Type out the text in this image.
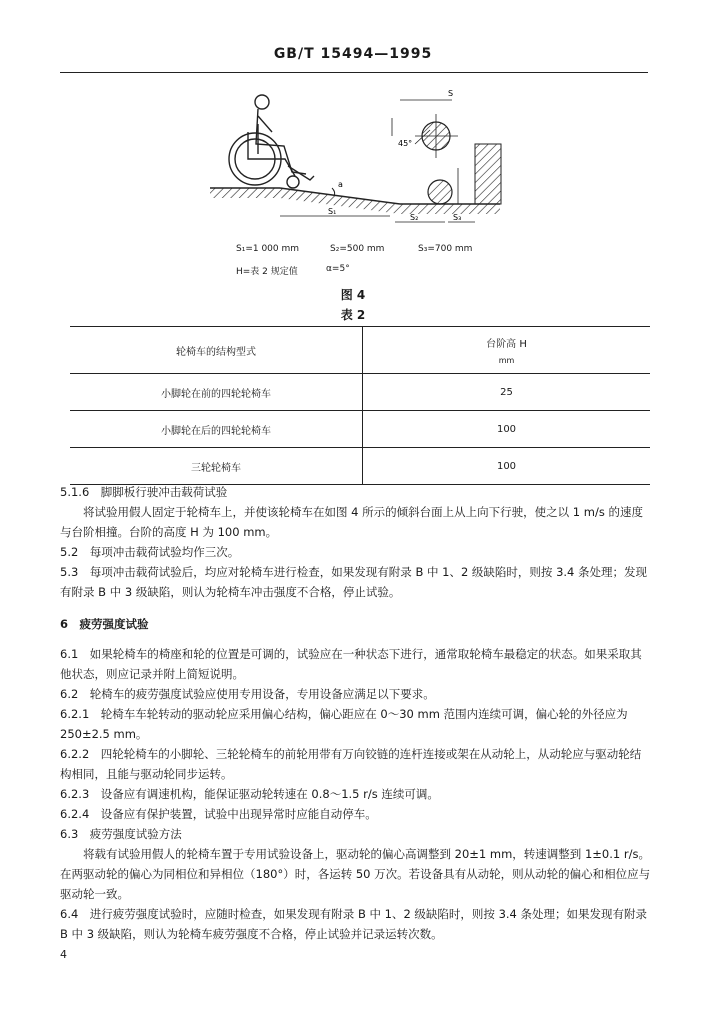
GB/T 15494—1995
a
S₁
S₂	S₃
S
45°
S₁=1 000 mm	S₂=500 mm	S₃=700 mm
H=表 2 规定值	α=5°
图 4
表 2
轮椅车的结构型式	台阶高 H
mm

小脚轮在前的四轮轮椅车	25
小脚轮在后的四轮轮椅车	100
三轮轮椅车	100

5.1.6　脚脚板行驶冲击载荷试验

将试验用假人固定于轮椅车上，并使该轮椅车在如图 4 所示的倾斜台面上从上向下行驶，使之以 1 m/s 的速度与台阶相撞。台阶的高度 H 为 100 mm。

5.2　每项冲击载荷试验均作三次。

5.3　每项冲击载荷试验后，均应对轮椅车进行检查，如果发现有附录 B 中 1、2 级缺陷时，则按 3.4 条处理；发现有附录 B 中 3 级缺陷，则认为轮椅车冲击强度不合格，停止试验。

6　疲劳强度试验

6.1　如果轮椅车的椅座和轮的位置是可调的，试验应在一种状态下进行，通常取轮椅车最稳定的状态。如果采取其他状态，则应记录并附上简短说明。

6.2　轮椅车的疲劳强度试验应使用专用设备，专用设备应满足以下要求。

6.2.1　轮椅车车轮转动的驱动轮应采用偏心结构，偏心距应在 0～30 mm 范围内连续可调，偏心轮的外径应为 250±2.5 mm。

6.2.2　四轮轮椅车的小脚轮、三轮轮椅车的前轮用带有万向铰链的连杆连接或架在从动轮上，从动轮应与驱动轮结构相同，且能与驱动轮同步运转。

6.2.3　设备应有调速机构，能保证驱动轮转速在 0.8～1.5 r/s 连续可调。

6.2.4　设备应有保护装置，试验中出现异常时应能自动停车。

6.3　疲劳强度试验方法

将载有试验用假人的轮椅车置于专用试验设备上，驱动轮的偏心高调整到 20±1 mm，转速调整到 1±0.1 r/s。在两驱动轮的偏心为同相位和异相位（180°）时，各运转 50 万次。若设备具有从动轮，则从动轮的偏心和相位应与驱动轮一致。

6.4　进行疲劳强度试验时，应随时检查，如果发现有附录 B 中 1、2 级缺陷时，则按 3.4 条处理；如果发现有附录 B 中 3 级缺陷，则认为轮椅车疲劳强度不合格，停止试验并记录运转次数。

4
